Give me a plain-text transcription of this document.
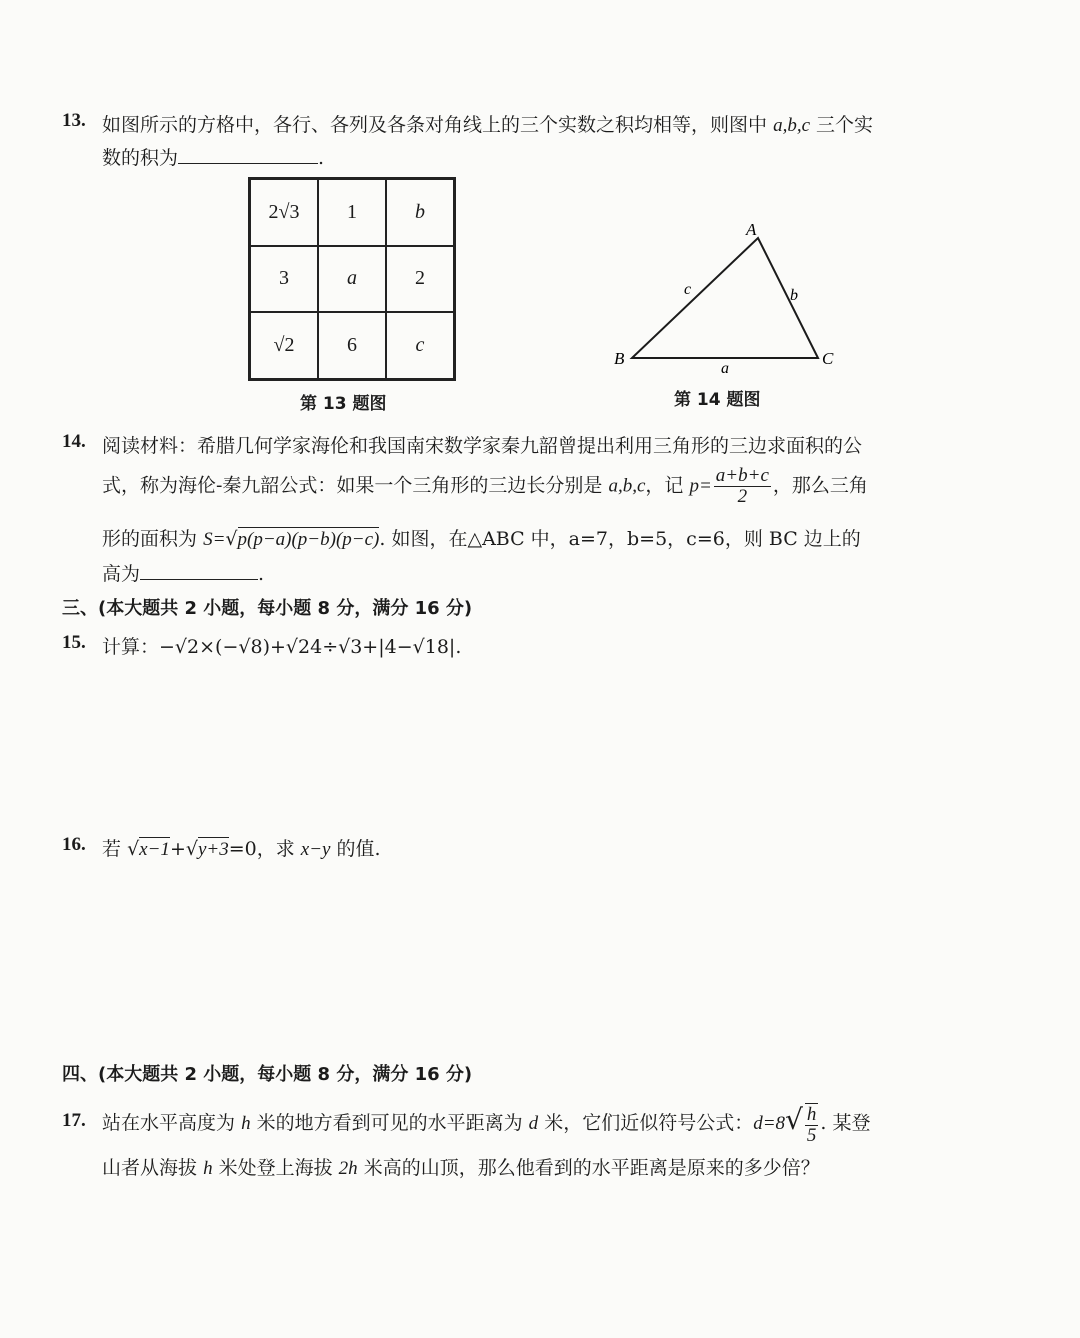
13. 如图所示的方格中，各行、各列及各条对角线上的三个实数之积均相等，则图中 a,b,c 三个实
数的积为	.
2√3	1	b
3	a	2
√2	6	c
第 13 题图
A
B	C
a
b
c
第 14 题图
14. 阅读材料：希腊几何学家海伦和我国南宋数学家秦九韶曾提出利用三角形的三边求面积的公
式，称为海伦-秦九韶公式：如果一个三角形的三边长分别是 a,b,c，记 $p= \frac{a+b+c}{2}$ ，那么三角
形的面积为 S=√p(p−a)(p−b)(p−c). 如图，在△ABC 中，a=7，b=5，c=6，则 BC 边上的
高为	.
三、(本大题共 2 小题，每小题 8 分，满分 16 分)
15. 计算：−√2×(−√8)+√24÷√3+|4−√18|.
16. 若 √x−1+√y+3=0，求 x−y 的值.
四、(本大题共 2 小题，每小题 8 分，满分 16 分)
17. 站在水平高度为 h 米的地方看到可见的水平距离为 d 米，它们近似符号公式：$d=8√ \frac{h}{5}$ . 某登
山者从海拔 h 米处登上海拔 2h 米高的山顶，那么他看到的水平距离是原来的多少倍？
